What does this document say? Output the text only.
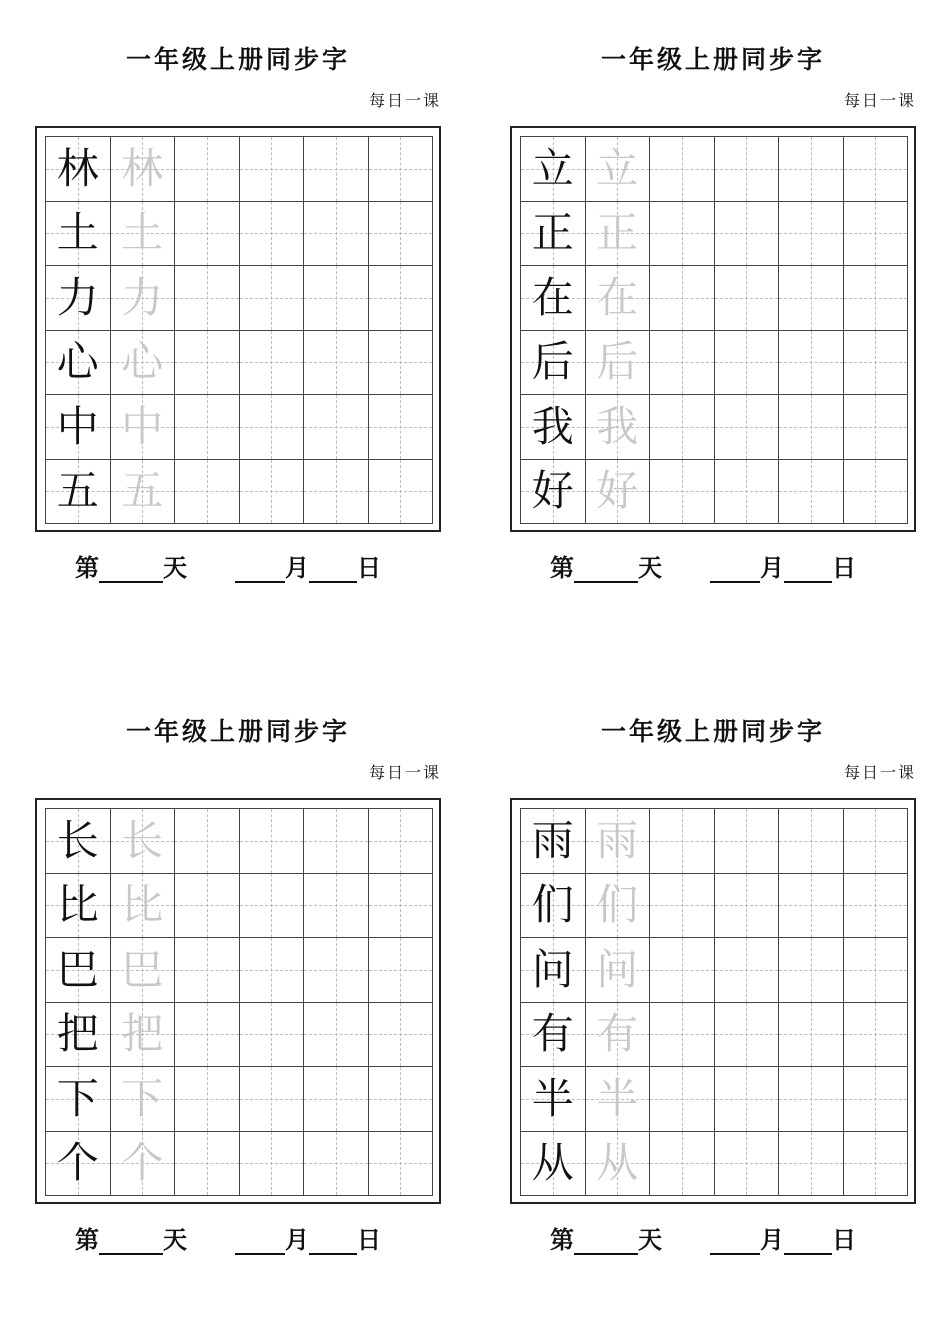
一年级上册同步字
每日一课
林 林
土 土
力 力
心 心
中 中
五 五
第	天	月 日
一年级上册同步字
每日一课
立 立
正 正
在 在
后 后
我 我
好 好
第	天	月 日
一年级上册同步字
每日一课
长 长
比 比
巴 巴
把 把
下 下
个 个
第	天	月 日
一年级上册同步字
每日一课
雨 雨
们 们
问 问
有 有
半 半
从 从
第	天	月 日
